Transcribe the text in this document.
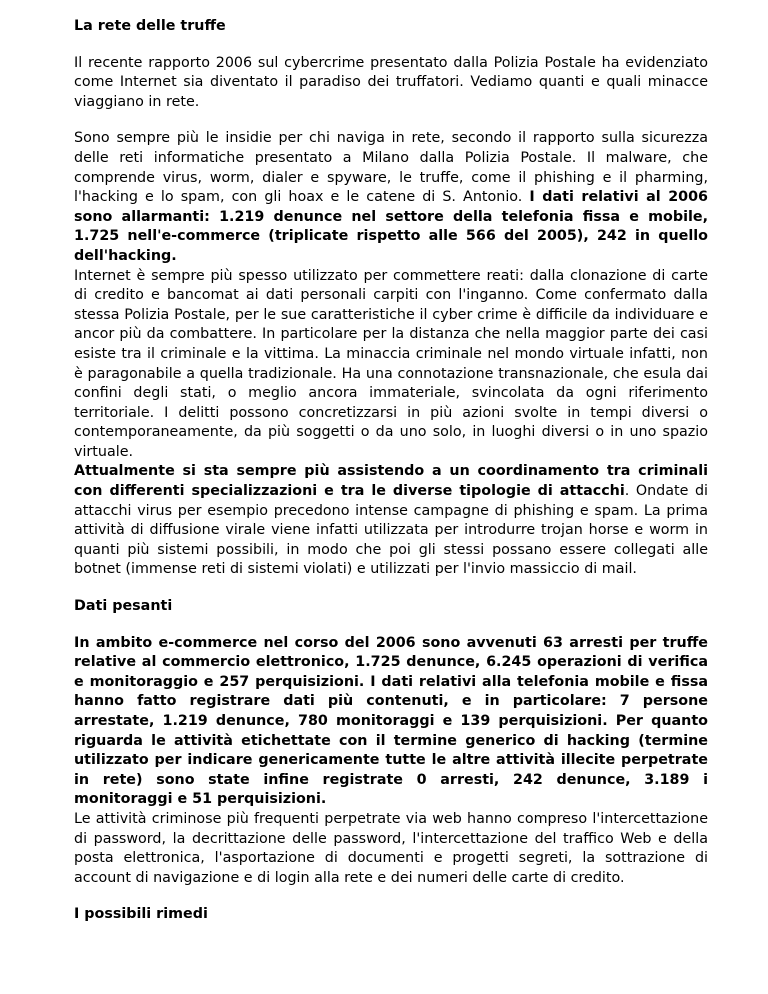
La rete delle truffe

Il recente rapporto 2006 sul cybercrime presentato dalla Polizia Postale ha evidenziato come Internet sia diventato il paradiso dei truffatori. Vediamo quanti e quali minacce viaggiano in rete.

Sono sempre più le insidie per chi naviga in rete, secondo il rapporto sulla sicurezza delle reti informatiche presentato a Milano dalla Polizia Postale. Il malware, che comprende virus, worm, dialer e spyware, le truffe, come il phishing e il pharming, l'hacking e lo spam, con gli hoax e le catene di S. Antonio. I dati relativi al 2006 sono allarmanti: 1.219 denunce nel settore della telefonia fissa e mobile, 1.725 nell'e-commerce (triplicate rispetto alle 566 del 2005), 242 in quello dell'hacking.
Internet è sempre più spesso utilizzato per commettere reati: dalla clonazione di carte di credito e bancomat ai dati personali carpiti con l'inganno. Come confermato dalla stessa Polizia Postale, per le sue caratteristiche il cyber crime è difficile da individuare e ancor più da combattere. In particolare per la distanza che nella maggior parte dei casi esiste tra il criminale e la vittima. La minaccia criminale nel mondo virtuale infatti, non è paragonabile a quella tradizionale. Ha una connotazione transnazionale, che esula dai confini degli stati, o meglio ancora immateriale, svincolata da ogni riferimento territoriale. I delitti possono concretizzarsi in più azioni svolte in tempi diversi o contemporaneamente, da più soggetti o da uno solo, in luoghi diversi o in uno spazio virtuale.
Attualmente si sta sempre più assistendo a un coordinamento tra criminali con differenti specializzazioni e tra le diverse tipologie di attacchi. Ondate di attacchi virus per esempio precedono intense campagne di phishing e spam. La prima attività di diffusione virale viene infatti utilizzata per introdurre trojan horse e worm in quanti più sistemi possibili, in modo che poi gli stessi possano essere collegati alle botnet (immense reti di sistemi violati) e utilizzati per l'invio massiccio di mail.

Dati pesanti

In ambito e-commerce nel corso del 2006 sono avvenuti 63 arresti per truffe relative al commercio elettronico, 1.725 denunce, 6.245 operazioni di verifica e monitoraggio e 257 perquisizioni. I dati relativi alla telefonia mobile e fissa hanno fatto registrare dati più contenuti, e in particolare: 7 persone arrestate, 1.219 denunce, 780 monitoraggi e 139 perquisizioni. Per quanto riguarda le attività etichettate con il termine generico di hacking (termine utilizzato per indicare genericamente tutte le altre attività illecite perpetrate in rete) sono state infine registrate 0 arresti, 242 denunce, 3.189 i monitoraggi e 51 perquisizioni.
Le attività criminose più frequenti perpetrate via web hanno compreso l'intercettazione di password, la decrittazione delle password, l'intercettazione del traffico Web e della posta elettronica, l'asportazione di documenti e progetti segreti, la sottrazione di account di navigazione e di login alla rete e dei numeri delle carte di credito.

I possibili rimedi
